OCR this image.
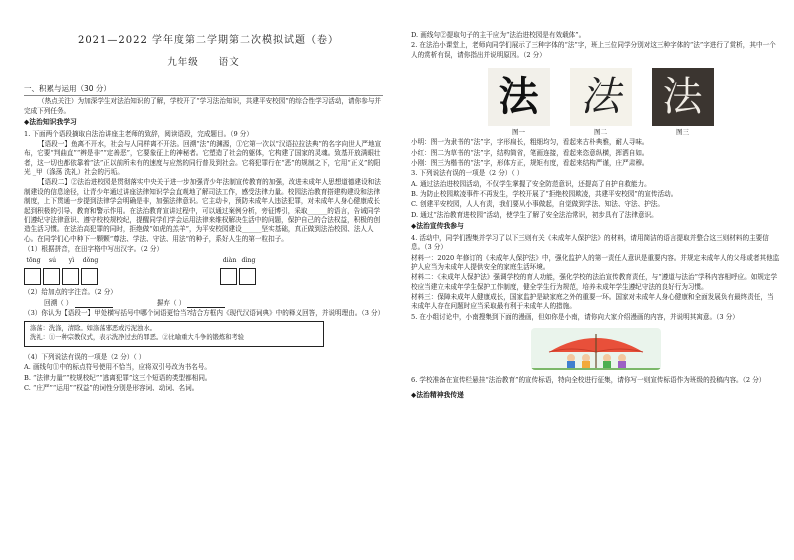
2021—2022 学年度第二学期第二次模拟试题（卷）
九年级 语文
一、积累与运用（30 分）
（热点关注）为加深学生对法治知识的了解，学校开了“学习法治知识，共建平安校园”的综合性学习活动，请你参与并完成下列任务。
◆法治知识我学习
1. 下面两个语段摘取自法治讲座主老师的致辞，阅读语段，完成题目。（9 分）
【语段一】鱼离不开水，社会与人同样离不开法。回溯“法”的渊源，①它第一次以“汉语拉拉法典”的名字向世人严地宣布，它要“判曲直”“辨是非”“定善恶”，它要象征上的神秘者。它塑造了社会的躯体，它构建了国家的灵魂。致基开放满眼壮者，这一切也都依靠着“法”正以前所未有的速度与应然的同行普及到社会。它将犯罪行在“恶”的规制之下，它用“正义”的阳光 _甲（涤荡 洗礼）社会的污垢。
【语段二】②法治进校园是贯彻落实中央关于进一步加强青少年法制宣传教育的加强，改进未成年人思想道德建设和法制建设的信息途径，让青少年通过讲座法律知识学会直观地了解司法工作，感受法律力量。校园法治教育搭建构建设和法律制度，上下贯通一步提到法律学会明确是非，加强法律意识。它主动卡，预防未成年人违法犯罪，对未成年人身心健康成长起到积极的引导、教育和警示作用。在法治教育宣讲过程中，可以通过案例分析，旁征博引，采取______的语言，告诫同学们遵纪守法律意识、遵守校校规校纪，提醒同学们学会运用法律来维权解决生活中的问题，保护自己的合法权益，积极的创造生活习惯。在法治高犯罪的同时，拒绝做“如虎的羔羊”，为平安校园建设______坚实基础，真正做到法治校园、法人人心。在同学们心中种下一颗颗“尊法、学法、守法、用法”的种子，系好人生的第一粒扣子。
（1）根据拼音，在田字格中写出汉字。（2 分）
tōng	sú	yì	dǒng	diàn dìng
（2）给加点的字注音。（2 分）
回溯（ ）	摒弃（ ）
（3）你认为【语段一】甲处横写括号中哪个词语更恰当?结合方框内《现代汉语词典》中的释义回答，并说明理由。（3 分）
涤荡：洗涤，清除。如涤荡邪恶或污泥浊水。
洗礼：①一种宗教仪式，表示洗净过去的罪恶。②比喻重大斗争的锻炼和考验
（4）下列说法有误的一项是（2 分）（ ）
A. 画线句①中的标点符号使用不恰当，应将双引号改为书名号。
B. “法律力量”“校规校纪”“逃离犯罪”这三个短语的类型都相同。
C. “庄严”“运用”“权益”的词性分别是形容词、动词、名词。
D. 画线句②提取句子的主干应为“法治进校园是有效载体”。
2. 在法治小课堂上，老师向同学们展示了三种字体的“法”字，班上三位同学分别对这三种字体的“法”字进行了赏析，其中一个人的赏析有误，请你指出并说明原因。（2 分）
法 法 法
图一	图二	图三
小明：图一为隶书的“法”字，字形扁长，粗细均匀，看起来古朴典雅，耐人寻味。
小红：图二为草书的“法”字，结构简省，笔画连接，看起来恣意纵横，挥洒自如。
小刚：图三为楷书的“法”字，形体方正，规矩有度，看起来结构严谨，庄严肃穆。
3. 下列说法有误的一项是（2 分）（ ）
A. 通过法治进校园活动，不仅学生掌握了安全防范意识，还提高了自护自救能力。
B. 为防止校园欺凌事件不再发生，学校开展了“拒绝校园欺凌，共建平安校园”的宣传活动。
C. 创建平安校园，人人有责，我们要从小事做起，自觉做到学法、知法、守法、护法。
D. 通过“法治教育进校园”活动，使学生了解了安全法治常识，初步具有了法律意识。
◆法治宣传我参与
4. 活动中，同学们搜集并学习了以下三则有关《未成年人保护法》的材料，请用简洁的语言提取并整合这三则材料的主要信息。（3 分）
材料一：2020 年修订的《未成年人保护法》中，强化监护人的第一责任人意识是重要内容。并规定未成年人的父母或者其他监护人应当为未成年人提供安全的家庭生活环境。
材料二：《未成年人保护法》强调学校的育人功能，强化学校的法治宣传教育责任，与“遵道与法治”学科内容相呼应。如规定学校应当建立未成年学生保护工作制度，健全学生行为规范，培养未成年学生遵纪守法的良好行为习惯。
材料三：保障未成年人健康成长，国家监护是缺家庭之外的重要一环。国家对未成年人身心健康和全面发展负有最终责任，当未成年人存在问题时应当采取最有利于未成年人的措施。
5. 在小组讨论中，小南搜集到下面的漫画，但如你是小南，请你向大家介绍漫画的内容，并说明其寓意。（3 分）
6. 学校准备在宣传栏悬挂“法治教育”的宣传标语，特向全校进行征集，请你写一则宣传标语作为班级的投稿内容。（2 分）
◆法治精神我传递
